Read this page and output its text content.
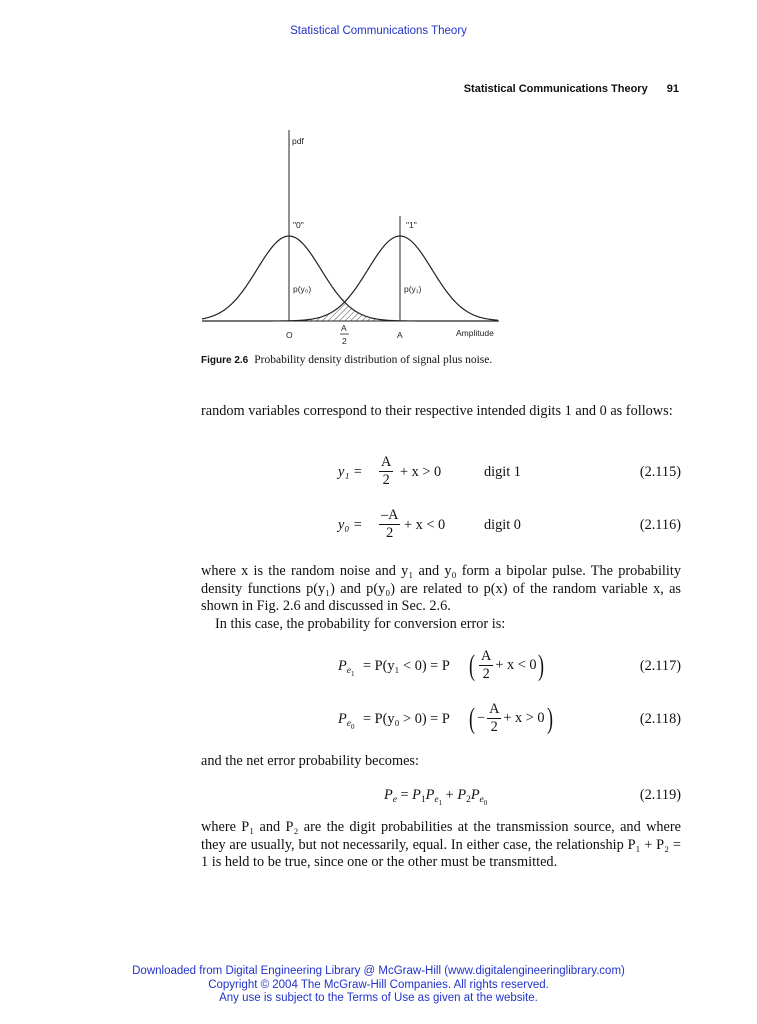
Statistical Communications Theory
Statistical Communications Theory 91
pdf
"0"	"1"
p(y₀)	p(y₁)
O
A
2
A	Amplitude
Figure 2.6 Probability density distribution of signal plus noise.
random variables correspond to their respective intended digits 1 and 0 as follows:
$y_1 = \frac{A}{2} + x > 0$	digit 1	(2.115)
$y_0 = \frac{-A}{2} + x < 0$	digit 0	(2.116)
where x is the random noise and y₁ and y₀ form a bipolar pulse. The probability density functions p(y₁) and p(y₀) are related to p(x) of the random variable x, as shown in Fig. 2.6 and discussed in Sec. 2.6.
In this case, the probability for conversion error is:
$P_{e_1} = P(y_1 < 0) = P$ ( $\frac{A}{2} + x < 0$)	(2.117)
$P_{e_0} = P(y_0 > 0) = P$ ( − $\frac{A}{2} + x > 0$)	(2.118)
and the net error probability becomes:
$P_e = P_1P_{e_1} + P_2P_{e_0}$	(2.119)
where P₁ and P₂ are the digit probabilities at the transmission source, and where they are usually, but not necessarily, equal. In either case, the relationship P₁ + P₂ = 1 is held to be true, since one or the other must be transmitted.
Downloaded from Digital Engineering Library @ McGraw-Hill (www.digitalengineeringlibrary.com)
Copyright © 2004 The McGraw-Hill Companies. All rights reserved.
Any use is subject to the Terms of Use as given at the website.
